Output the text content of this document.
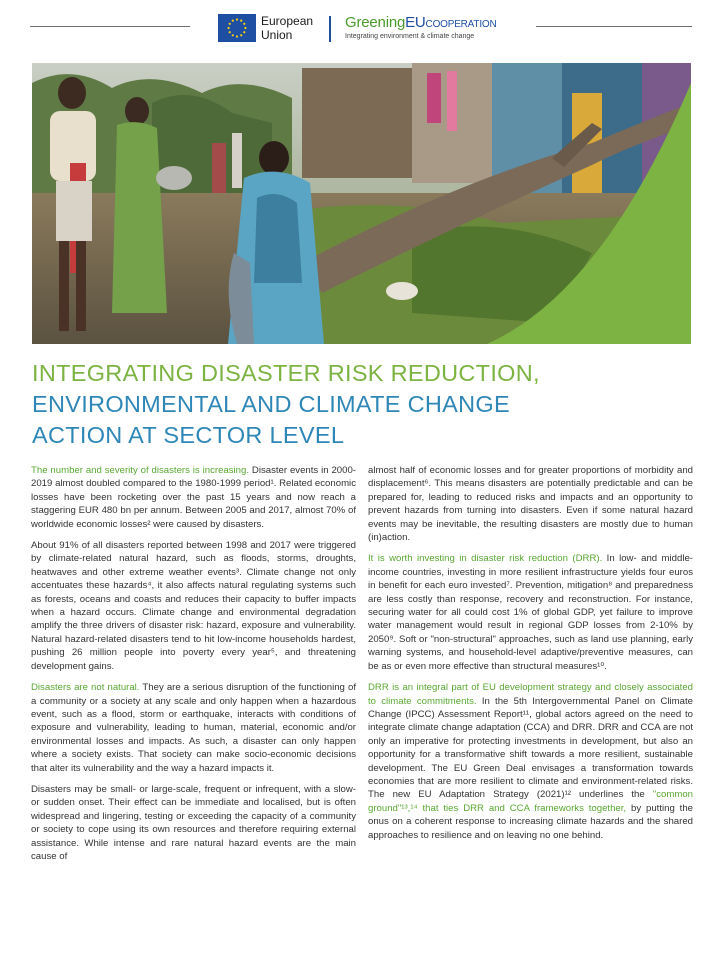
European
Union
GreeningEUCOOPERATION
Integrating environment & climate change
INTEGRATING DISASTER RISK REDUCTION,
ENVIRONMENTAL AND CLIMATE CHANGE
ACTION AT SECTOR LEVEL

The number and severity of disasters is increasing. Disaster events in 2000-2019 almost doubled compared to the 1980-1999 period¹. Related economic losses have been rocketing over the past 15 years and now reach a staggering EUR 480 bn per annum. Between 2005 and 2017, almost 70% of worldwide economic losses² were caused by disasters.

About 91% of all disasters reported between 1998 and 2017 were triggered by climate-related natural hazard, such as floods, storms, droughts, heatwaves and other extreme weather events³. Climate change not only accentuates these hazards⁴, it also affects natural regulating systems such as forests, oceans and coasts and reduces their capacity to buffer impacts when a hazard occurs. Climate change and environmental degradation amplify the three drivers of disaster risk: hazard, exposure and vulnerability. Natural hazard-related disasters tend to hit low-income households hardest, pushing 26 million people into poverty every year⁵, and threatening development gains.

Disasters are not natural. They are a serious disruption of the functioning of a community or a society at any scale and only happen when a hazardous event, such as a flood, storm or earthquake, interacts with conditions of exposure and vulnerability, leading to human, material, economic and/or environmental losses and impacts. As such, a disaster can only happen where a society exists. That society can make socio-economic decisions that alter its vulnerability and the way a hazard impacts it.

Disasters may be small- or large-scale, frequent or infrequent, with a slow- or sudden onset. Their effect can be immediate and localised, but is often widespread and lingering, testing or exceeding the capacity of a community or society to cope using its own resources and therefore requiring external assistance. While intense and rare natural hazard events are the main cause of

almost half of economic losses and for greater proportions of morbidity and displacement⁶. This means disasters are potentially predictable and can be prepared for, leading to reduced risks and impacts and an opportunity to prevent hazards from turning into disasters. Even if some natural hazard events may be inevitable, the resulting disasters are mostly due to human (in)action.

It is worth investing in disaster risk reduction (DRR). In low- and middle-income countries, investing in more resilient infrastructure yields four euros in benefit for each euro invested⁷. Prevention, mitigation⁸ and preparedness are less costly than response, recovery and reconstruction. For instance, securing water for all could cost 1% of global GDP, yet failure to improve water management would result in regional GDP losses from 2-10% by 2050⁹. Soft or "non-structural" approaches, such as land use planning, early warning systems, and household-level adaptive/preventive measures, can be as or even more effective than structural measures¹⁰.

DRR is an integral part of EU development strategy and closely associated to climate commitments. In the 5th Intergovernmental Panel on Climate Change (IPCC) Assessment Report¹¹, global actors agreed on the need to integrate climate change adaptation (CCA) and DRR. DRR and CCA are not only an imperative for protecting investments in development, but also an opportunity for a transformative shift towards a more resilient, sustainable development. The EU Green Deal envisages a transformation towards economies that are more resilient to climate and environment-related risks. The new EU Adaptation Strategy (2021)¹² underlines the "common ground"¹³,¹⁴ that ties DRR and CCA frameworks together, by putting the onus on a coherent response to increasing climate hazards and the shared approaches to resilience and on leaving no one behind.
